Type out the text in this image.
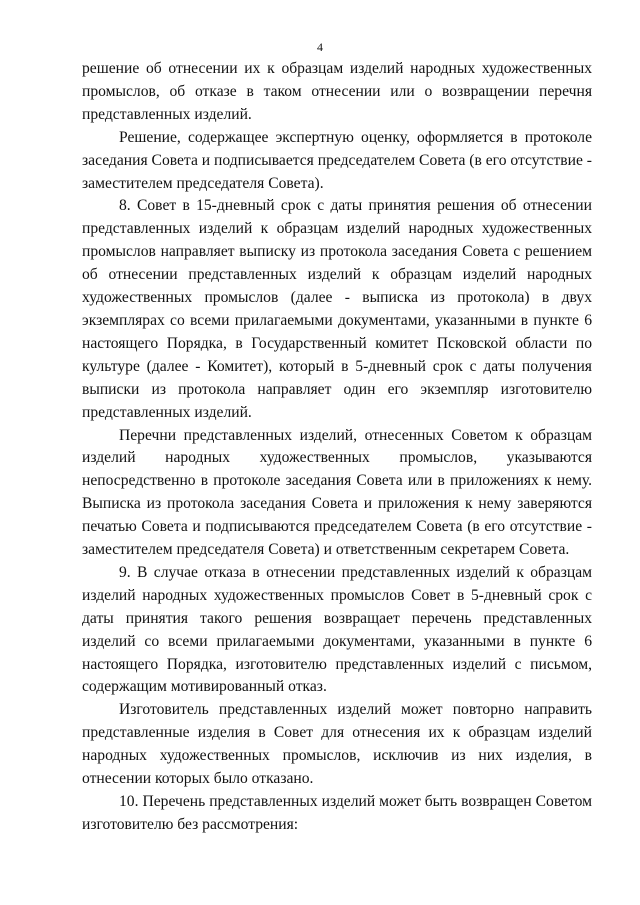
4

решение об отнесении их к образцам изделий народных художественных промыслов, об отказе в таком отнесении или о возвращении перечня представленных изделий.

Решение, содержащее экспертную оценку, оформляется в протоколе заседания Совета и подписывается председателем Совета (в его отсутствие - заместителем председателя Совета).

8. Совет в 15-дневный срок с даты принятия решения об отнесении представленных изделий к образцам изделий народных художественных промыслов направляет выписку из протокола заседания Совета с решением об отнесении представленных изделий к образцам изделий народных художественных промыслов (далее - выписка из протокола) в двух экземплярах со всеми прилагаемыми документами, указанными в пункте 6 настоящего Порядка, в Государственный комитет Псковской области по культуре (далее - Комитет), который в 5-дневный срок с даты получения выписки из протокола направляет один его экземпляр изготовителю представленных изделий.

Перечни представленных изделий, отнесенных Советом к образцам изделий народных художественных промыслов, указываются непосредственно в протоколе заседания Совета или в приложениях к нему. Выписка из протокола заседания Совета и приложения к нему заверяются печатью Совета и подписываются председателем Совета (в его отсутствие - заместителем председателя Совета) и ответственным секретарем Совета.

9. В случае отказа в отнесении представленных изделий к образцам изделий народных художественных промыслов Совет в 5-дневный срок с даты принятия такого решения возвращает перечень представленных изделий со всеми прилагаемыми документами, указанными в пункте 6 настоящего Порядка, изготовителю представленных изделий с письмом, содержащим мотивированный отказ.

Изготовитель представленных изделий может повторно направить представленные изделия в Совет для отнесения их к образцам изделий народных художественных промыслов, исключив из них изделия, в отнесении которых было отказано.

10. Перечень представленных изделий может быть возвращен Советом изготовителю без рассмотрения:
